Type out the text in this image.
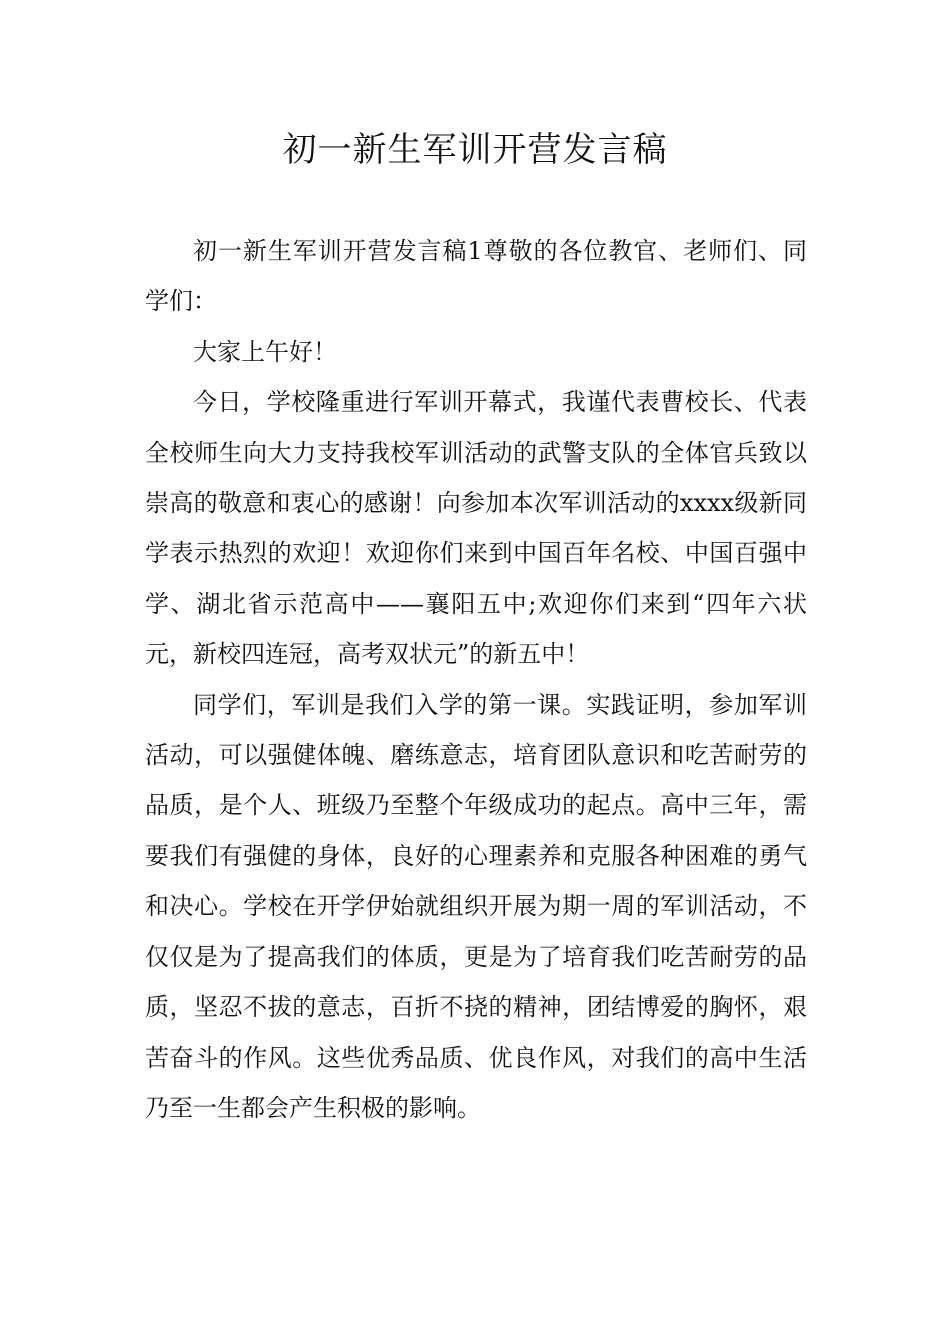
初一新生军训开营发言稿

初一新生军训开营发言稿1尊敬的各位教官、老师们、同学们：

大家上午好！

今日，学校隆重进行军训开幕式，我谨代表曹校长、代表全校师生向大力支持我校军训活动的武警支队的全体官兵致以崇高的敬意和衷心的感谢！向参加本次军训活动的xxxx级新同学表示热烈的欢迎！欢迎你们来到中国百年名校、中国百强中学、湖北省示范高中——襄阳五中;欢迎你们来到“四年六状元，新校四连冠，高考双状元”的新五中！

同学们，军训是我们入学的第一课。实践证明，参加军训活动，可以强健体魄、磨练意志，培育团队意识和吃苦耐劳的品质，是个人、班级乃至整个年级成功的起点。高中三年，需要我们有强健的身体，良好的心理素养和克服各种困难的勇气和决心。学校在开学伊始就组织开展为期一周的军训活动，不仅仅是为了提高我们的体质，更是为了培育我们吃苦耐劳的品质，坚忍不拔的意志，百折不挠的精神，团结博爱的胸怀，艰苦奋斗的作风。这些优秀品质、优良作风，对我们的高中生活乃至一生都会产生积极的影响。
